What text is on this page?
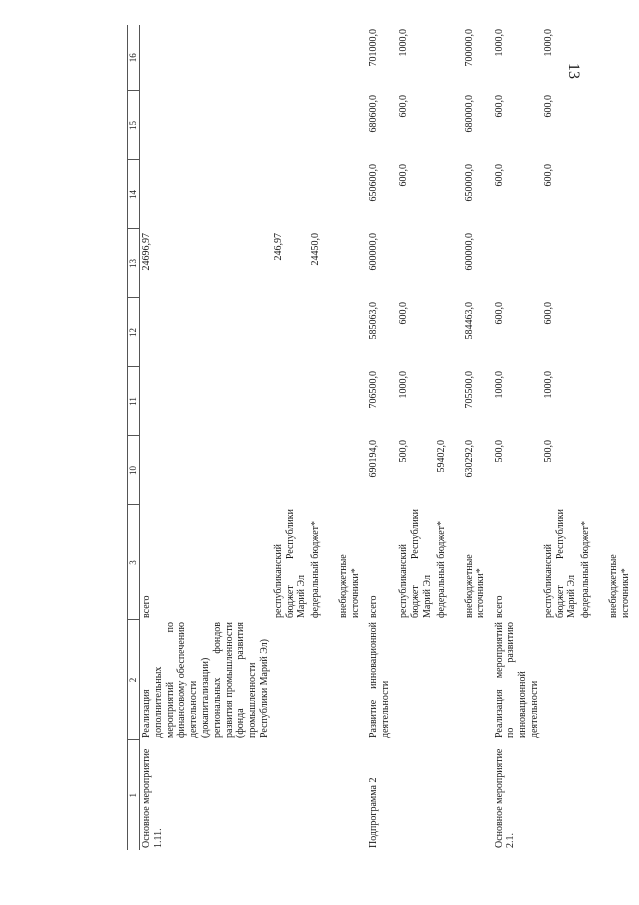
13
1	2	3	10	11	12	13	14	15	16
Основное мероприятие 1.11.	Реализация дополнительных мероприятий по финансовому обеспечению деятельности (докапитализации) региональных фондов развития промышленности (фонда развития промышленности Республики Марий Эл)	всего				24696,97			
		республиканский бюджет Республики Марий Эл				246,97			
		федеральный бюджет*				24450,0			
		внебюджетные источники*							
Подпрограмма 2	Развитие инновационной деятельности	всего	690194,0	706500,0	585063,0	600000,0	650600,0	680600,0	701000,0
		республиканский бюджет Республики Марий Эл	500,0	1000,0	600,0		600,0	600,0	1000,0
		федеральный бюджет*	59402,0						
		внебюджетные источники*	630292,0	705500,0	584463,0	600000,0	650000,0	680000,0	700000,0
Основное мероприятие 2.1.	Реализация мероприятий по развитию инновационной деятельности	всего	500,0	1000,0	600,0		600,0	600,0	1000,0
		республиканский бюджет Республики Марий Эл	500,0	1000,0	600,0		600,0	600,0	1000,0
		федеральный бюджет*							
		внебюджетные источники*							
